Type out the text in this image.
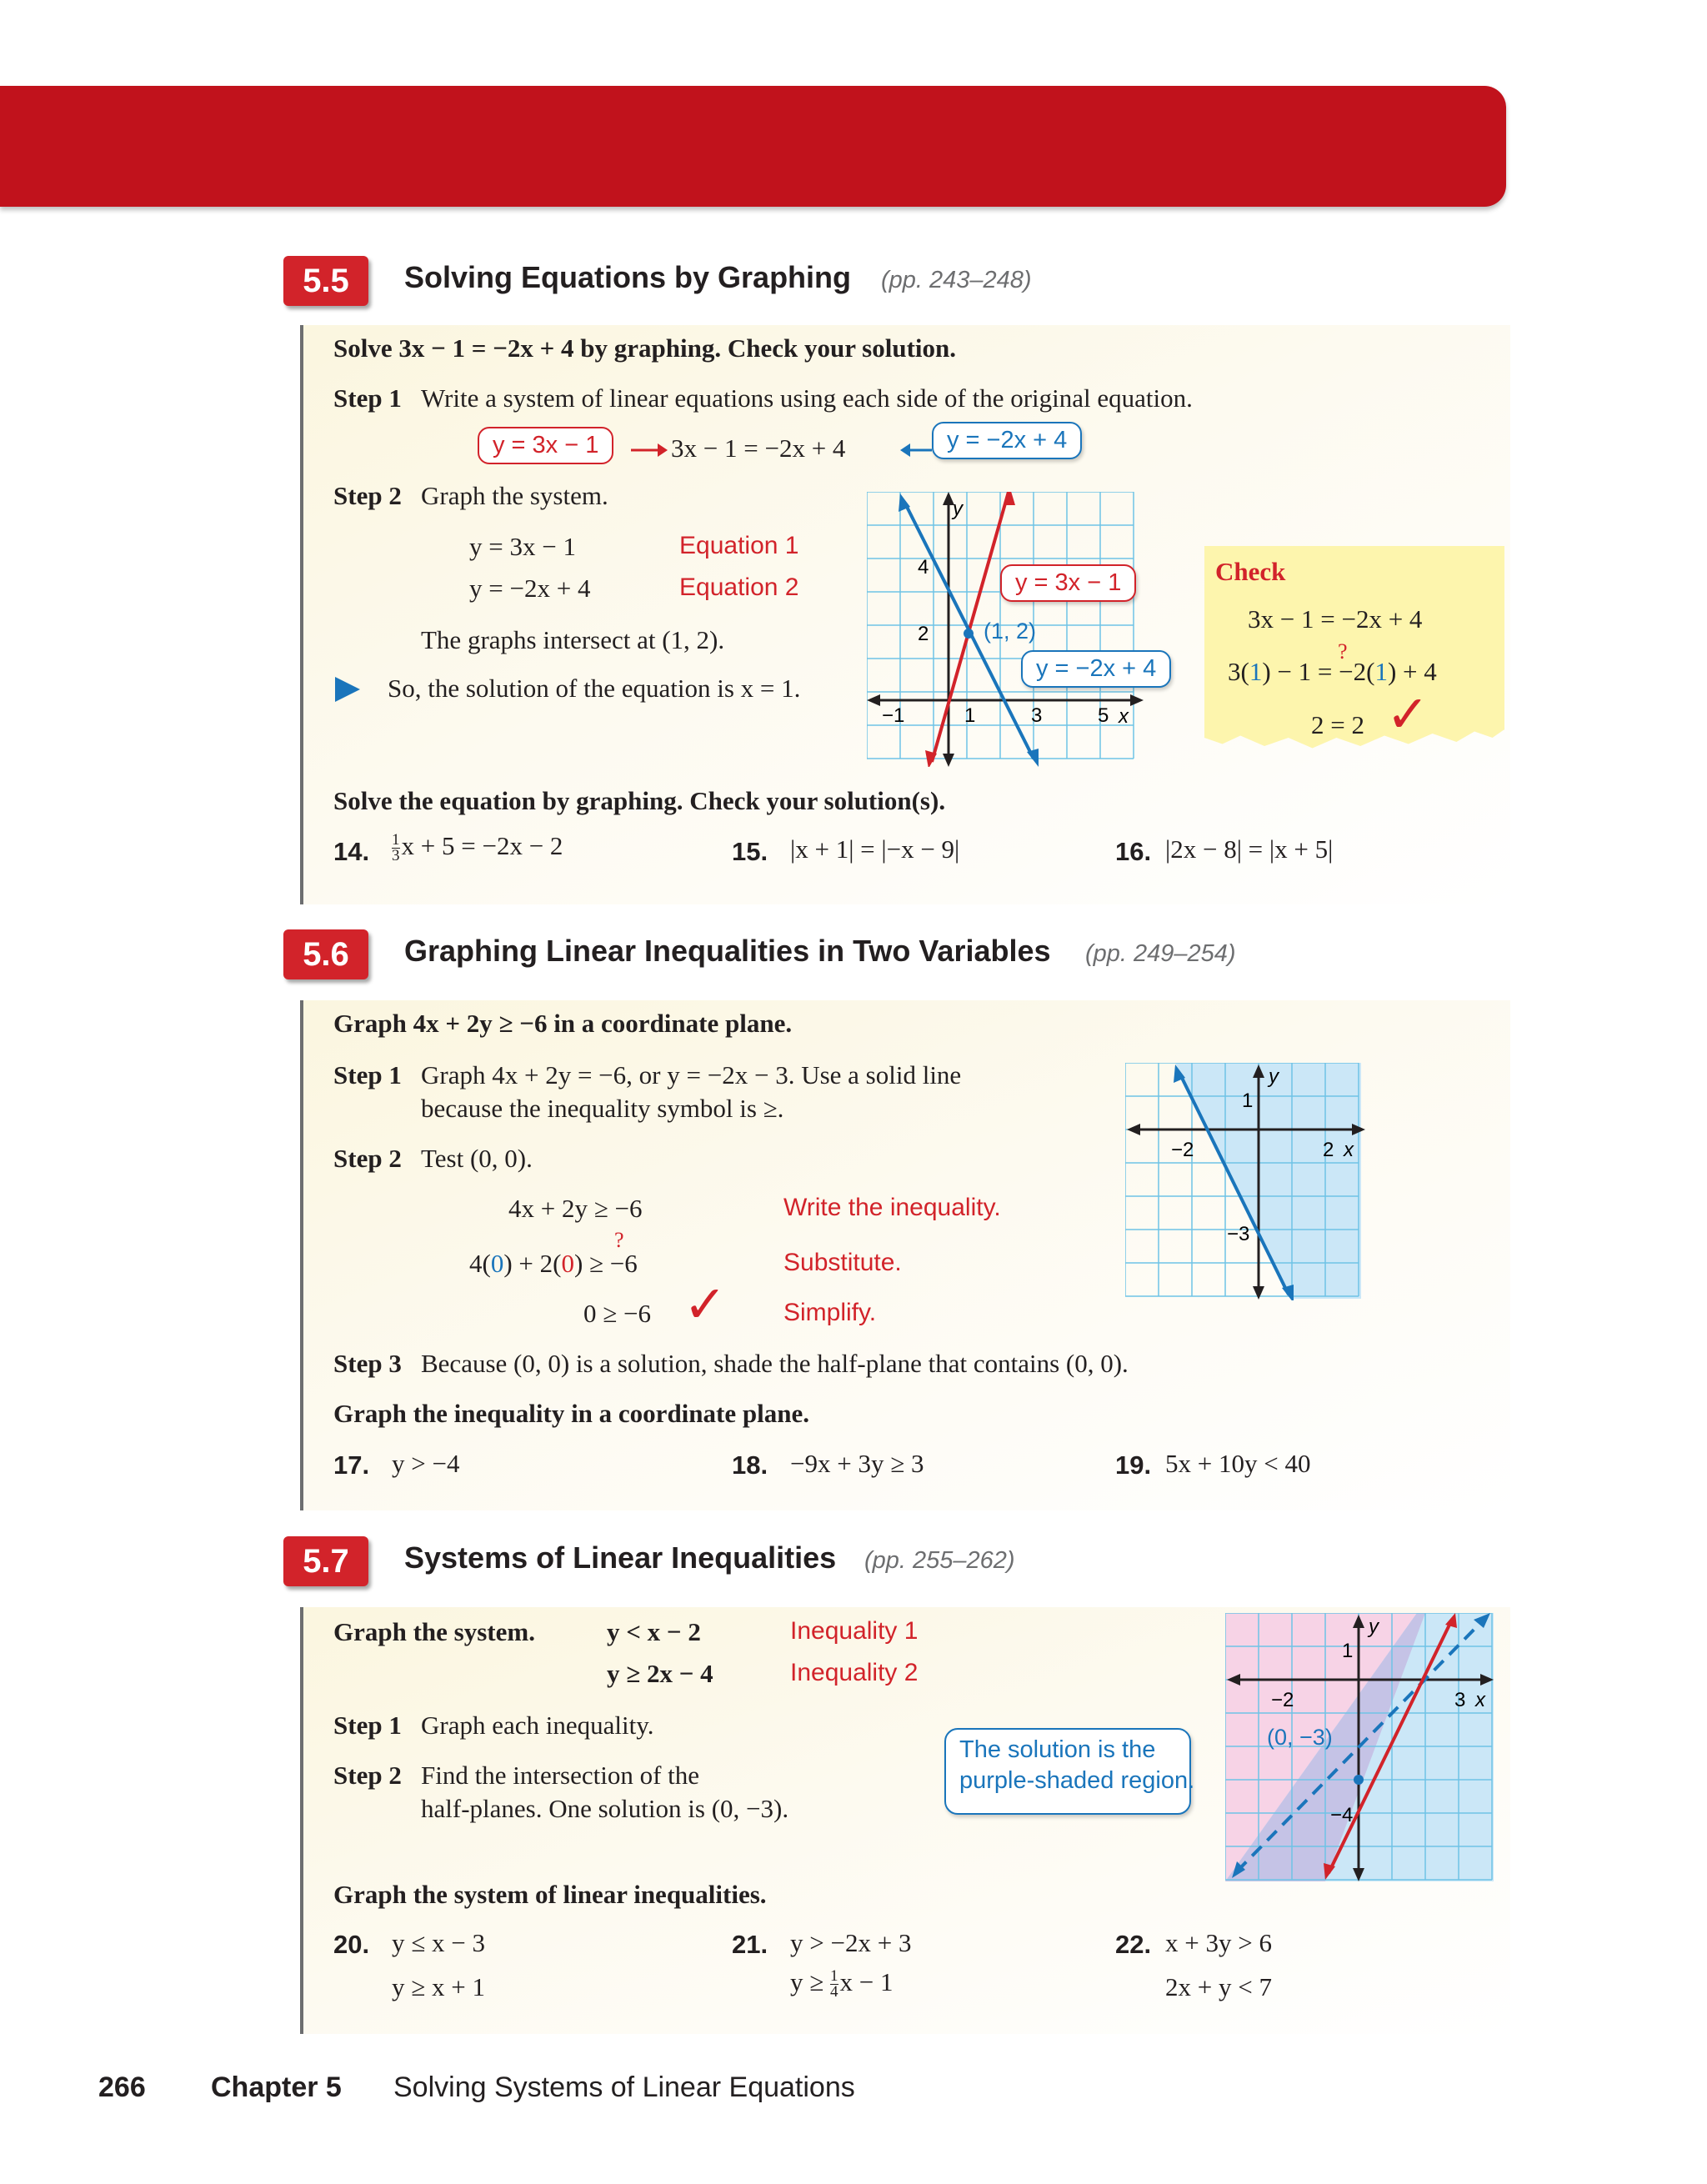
5.5	Solving Equations by Graphing (pp. 243–248)
Solve 3x − 1 = −2x + 4 by graphing. Check your solution.
Step 1 Write a system of linear equations using each side of the original equation.
y = 3x − 1	3x − 1 = −2x + 4	y = −2x + 4
Step 2 Graph the system.
y = 3x − 1	Equation 1
y = −2x + 4	Equation 2
The graphs intersect at (1, 2).
So, the solution of the equation is x = 1.
y
x
−1	1	3	5
2
4
(1, 2)
y = 3x − 1
y = −2x + 4
Check
3x − 1 = −2x + 4
?
3(1) − 1 = −2(1) + 4
2 = 2 ✓
Solve the equation by graphing. Check your solution(s).
14. $\frac{1}{3}$ x + 5 = −2x − 2	15. |x + 1| = |−x − 9|	16. |2x − 8| = |x + 5|
5.6	Graphing Linear Inequalities in Two Variables (pp. 249–254)
Graph 4x + 2y ≥ −6 in a coordinate plane.
Step 1 Graph 4x + 2y = −6, or y = −2x − 3. Use a solid line
because the inequality symbol is ≥.
Step 2 Test (0, 0).
4x + 2y ≥ −6	Write the inequality.
?
4(0) + 2(0) ≥ −6	Substitute.
0 ≥ −6 ✓ Simplify.
Step 3 Because (0, 0) is a solution, shade the half-plane that contains (0, 0).
y
x
−2	2
1
−3
Graph the inequality in a coordinate plane.
17. y > −4	18. −9x + 3y ≥ 3	19. 5x + 10y < 40
5.7	Systems of Linear Inequalities (pp. 255–262)
Graph the system.	y < x − 2	Inequality 1
y ≥ 2x − 4	Inequality 2
Step 1 Graph each inequality.
Step 2 Find the intersection of the
half-planes. One solution is (0, −3).
The solution is the
purple-shaded region.
y
x
−2	3
1
−4
(0, −3)
Graph the system of linear inequalities.
20. y ≤ x − 3
y ≥ x + 1
21. y > −2x + 3
$y \ge \frac{1}{4}$ x − 1
22. x + 3y > 6
2x + y < 7
266 Chapter 5 Solving Systems of Linear Equations
